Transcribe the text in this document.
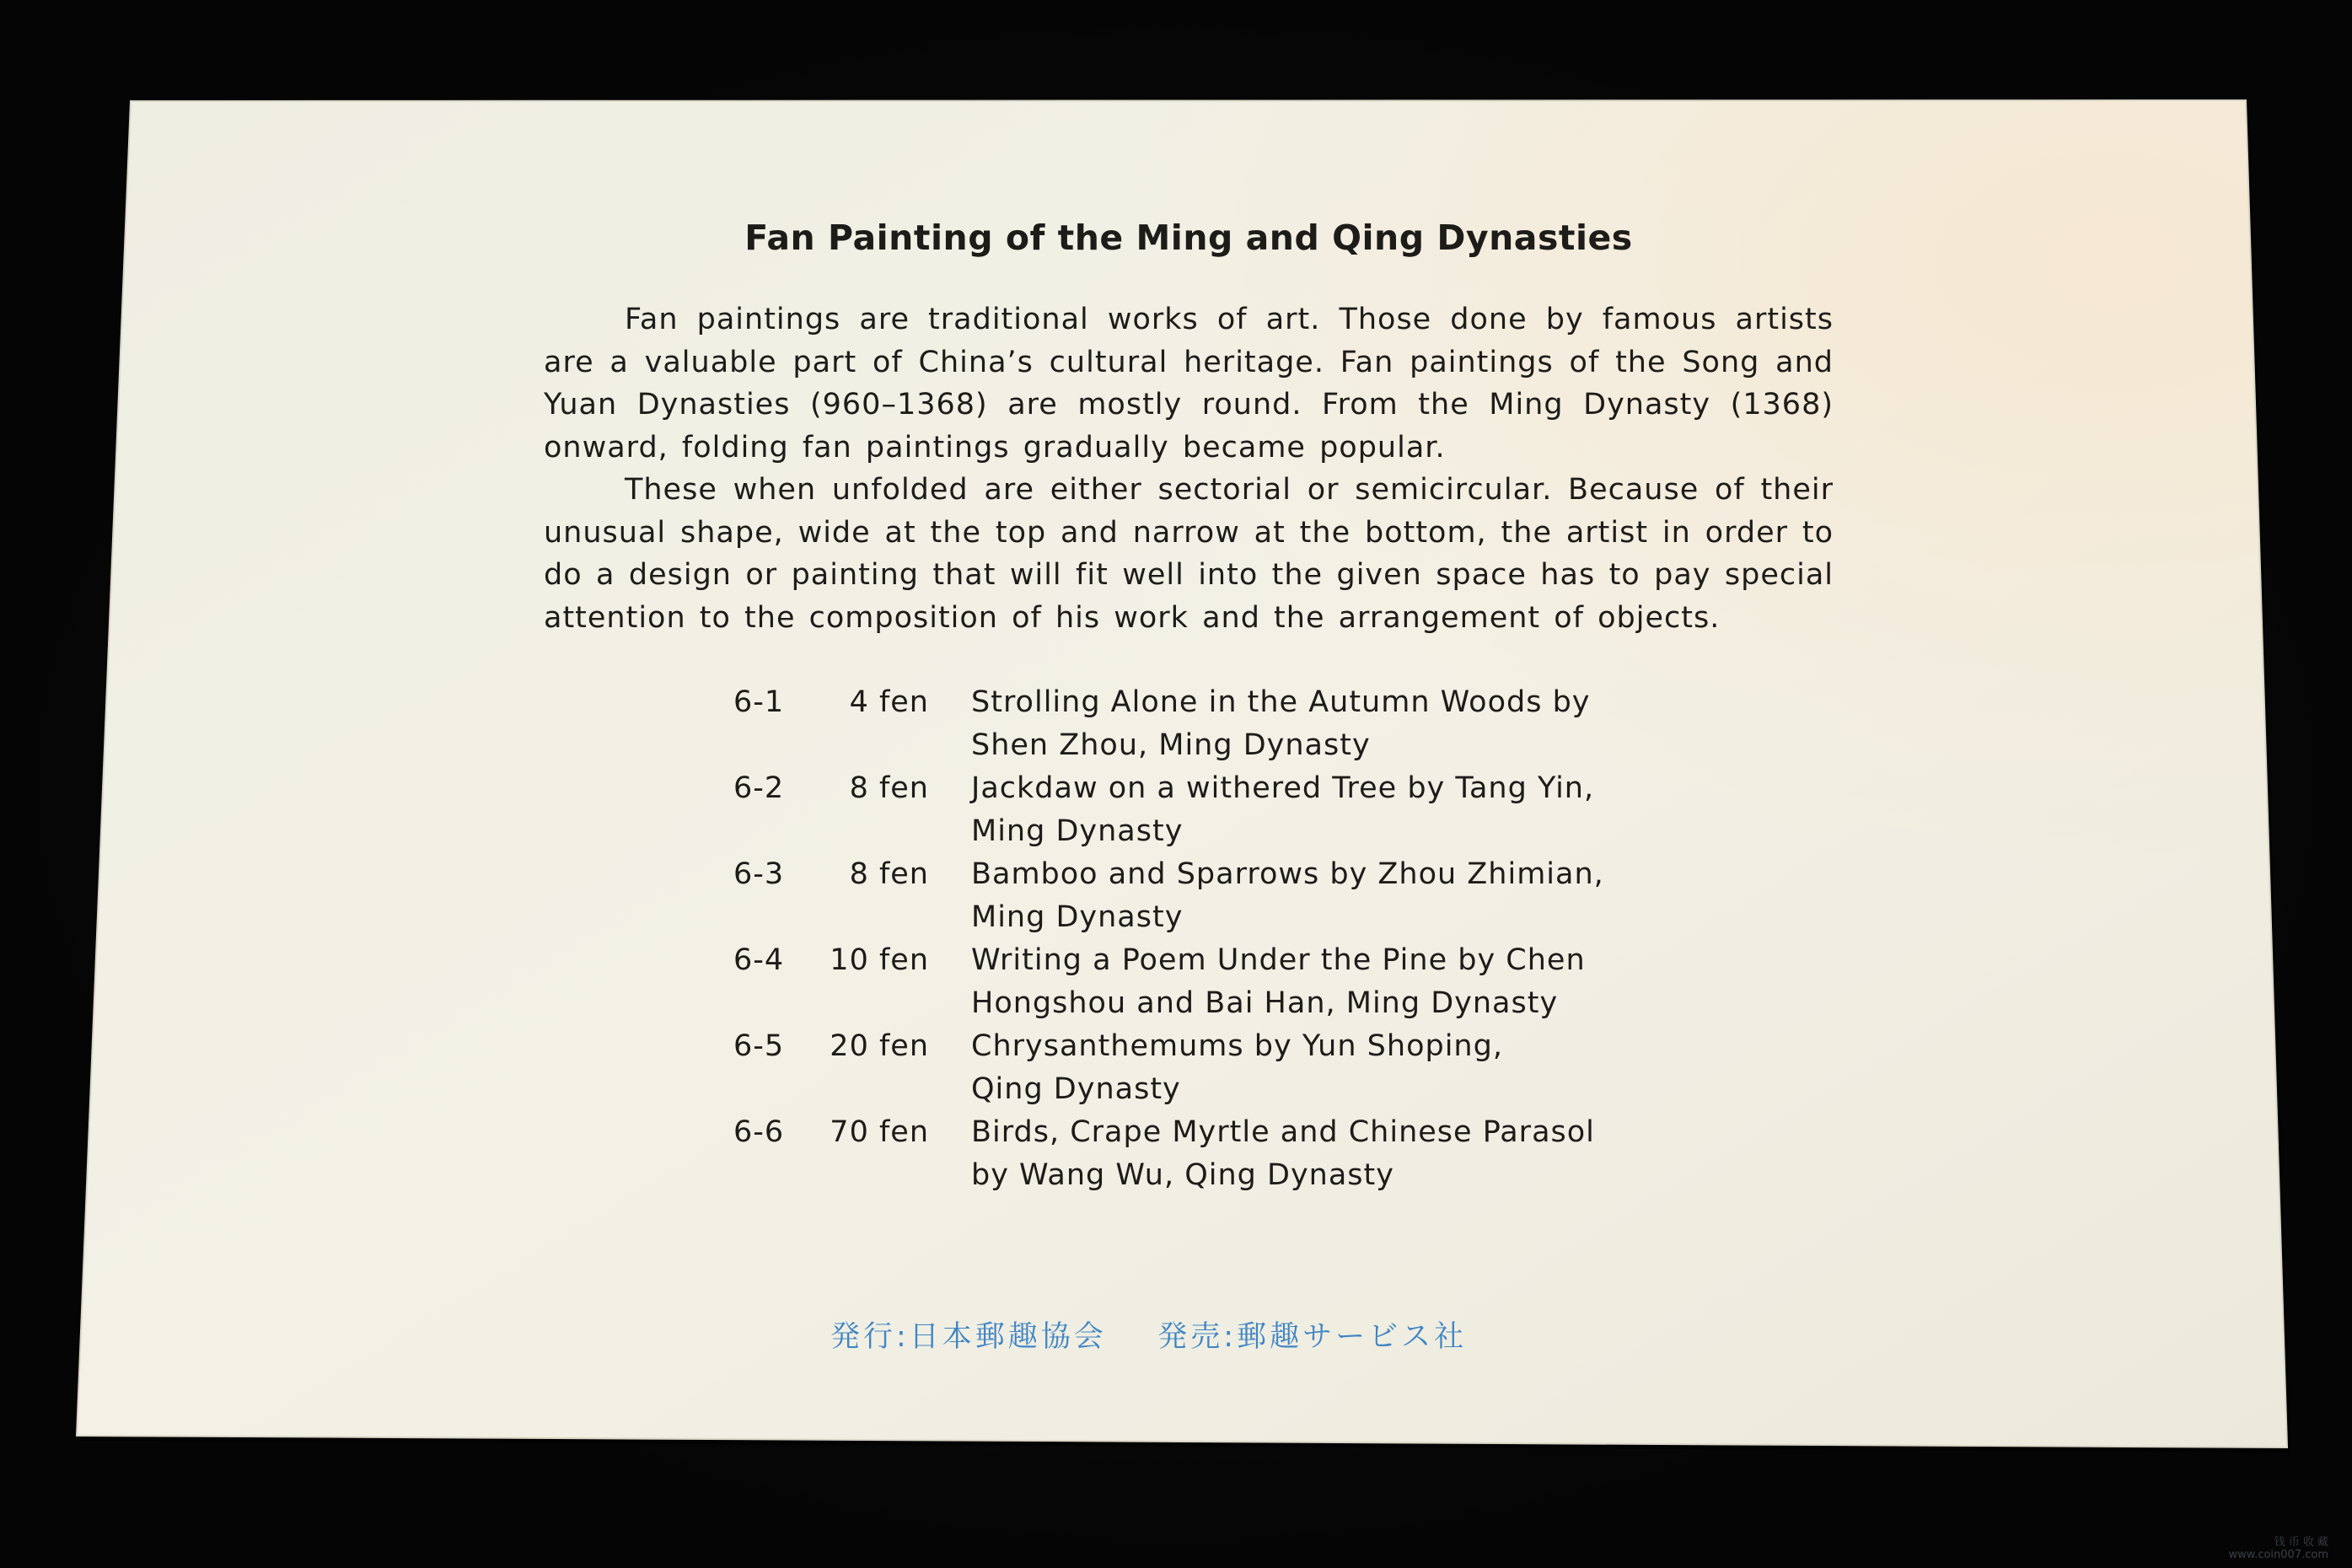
Fan Painting of the Ming and Qing Dynasties

Fan paintings are traditional works of art. Those done by famous artists are a valuable part of China’s cultural heritage. Fan paintings of the Song and Yuan Dynasties (960–1368) are mostly round. From the Ming Dynasty (1368) onward, folding fan paintings gradually became popular.

These when unfolded are either sectorial or semicircular. Because of their unusual shape, wide at the top and narrow at the bottom, the artist in order to do a design or painting that will fit well into the given space has to pay special attention to the composition of his work and the arrangement of objects.

6-1	4 fen	Strolling Alone in the Autumn Woods by
Shen Zhou, Ming Dynasty
6-2	8 fen	Jackdaw on a withered Tree by Tang Yin,
Ming Dynasty
6-3	8 fen	Bamboo and Sparrows by Zhou Zhimian,
Ming Dynasty
6-4	10 fen	Writing a Poem Under the Pine by Chen
Hongshou and Bai Han, Ming Dynasty
6-5	20 fen	Chrysanthemums by Yun Shoping,
Qing Dynasty
6-6	70 fen	Birds, Crape Myrtle and Chinese Parasol
by Wang Wu, Qing Dynasty
発行:日本郵趣協会    発売:郵趣サービス社
钱 币 收 藏
www.coin007.com
